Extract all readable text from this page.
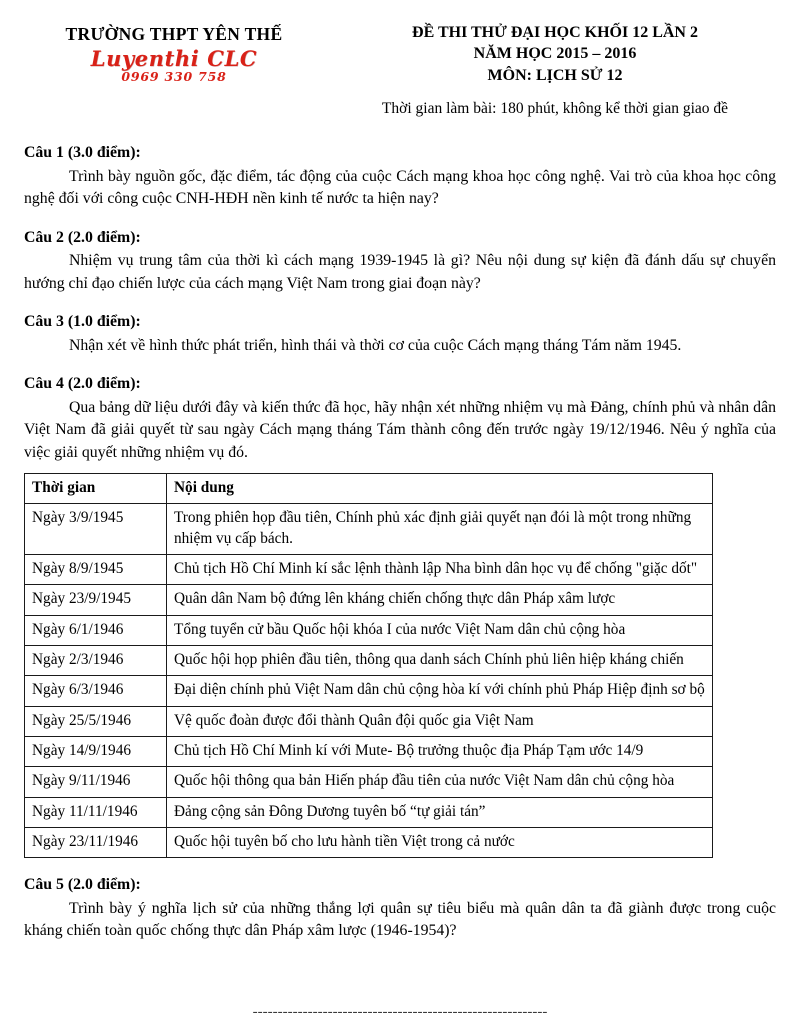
TRƯỜNG THPT YÊN THẾ
Luyenthi CLC
0969 330 758
ĐỀ THI THỬ ĐẠI HỌC KHỐI 12 LẦN 2
NĂM HỌC 2015 – 2016
MÔN: LỊCH SỬ 12
Thời gian làm bài: 180 phút, không kể thời gian giao đề
Câu 1 (3.0 điểm):
Trình bày nguồn gốc, đặc điểm, tác động của cuộc Cách mạng khoa học công nghệ. Vai trò của khoa học công nghệ đối với công cuộc CNH-HĐH nền kinh tế nước ta hiện nay?
Câu 2 (2.0 điểm):
Nhiệm vụ trung tâm của thời kì cách mạng 1939-1945 là gì? Nêu nội dung sự kiện đã đánh dấu sự chuyển hướng chỉ đạo chiến lược của cách mạng Việt Nam trong giai đoạn này?
Câu 3 (1.0 điểm):
Nhận xét về hình thức phát triển, hình thái và thời cơ của cuộc Cách mạng tháng Tám năm 1945.
Câu 4 (2.0 điểm):
Qua bảng dữ liệu dưới đây và kiến thức đã học, hãy nhận xét những nhiệm vụ mà Đảng, chính phủ và nhân dân Việt Nam đã giải quyết từ sau ngày Cách mạng tháng Tám thành công đến trước ngày 19/12/1946. Nêu ý nghĩa của việc giải quyết những nhiệm vụ đó.
Thời gian	Nội dung
Ngày 3/9/1945	Trong phiên họp đầu tiên, Chính phủ xác định giải quyết nạn đói là một trong những nhiệm vụ cấp bách.
Ngày 8/9/1945	Chủ tịch Hồ Chí Minh kí sắc lệnh thành lập Nha bình dân học vụ để chống "giặc dốt"
Ngày 23/9/1945	Quân dân Nam bộ đứng lên kháng chiến chống thực dân Pháp xâm lược
Ngày 6/1/1946	Tổng tuyển cử bầu Quốc hội khóa I của nước Việt Nam dân chủ cộng hòa
Ngày 2/3/1946	Quốc hội họp phiên đầu tiên, thông qua danh sách Chính phủ liên hiệp kháng chiến
Ngày 6/3/1946	Đại diện chính phủ Việt Nam dân chủ cộng hòa kí với chính phủ Pháp Hiệp định sơ bộ
Ngày 25/5/1946	Vệ quốc đoàn được đổi thành Quân đội quốc gia Việt Nam
Ngày 14/9/1946	Chủ tịch Hồ Chí Minh kí với Mute- Bộ trưởng thuộc địa Pháp Tạm ước 14/9
Ngày 9/11/1946	Quốc hội thông qua bản Hiến pháp đầu tiên của nước Việt Nam dân chủ cộng hòa
Ngày 11/11/1946	Đảng cộng sản Đông Dương tuyên bố “tự giải tán”
Ngày 23/11/1946	Quốc hội tuyên bố cho lưu hành tiền Việt trong cả nước
Câu 5 (2.0 điểm):
Trình bày ý nghĩa lịch sử của những thắng lợi quân sự tiêu biểu mà quân dân ta đã giành được trong cuộc kháng chiến toàn quốc chống thực dân Pháp xâm lược (1946-1954)?
-----------------------------------------------------------
